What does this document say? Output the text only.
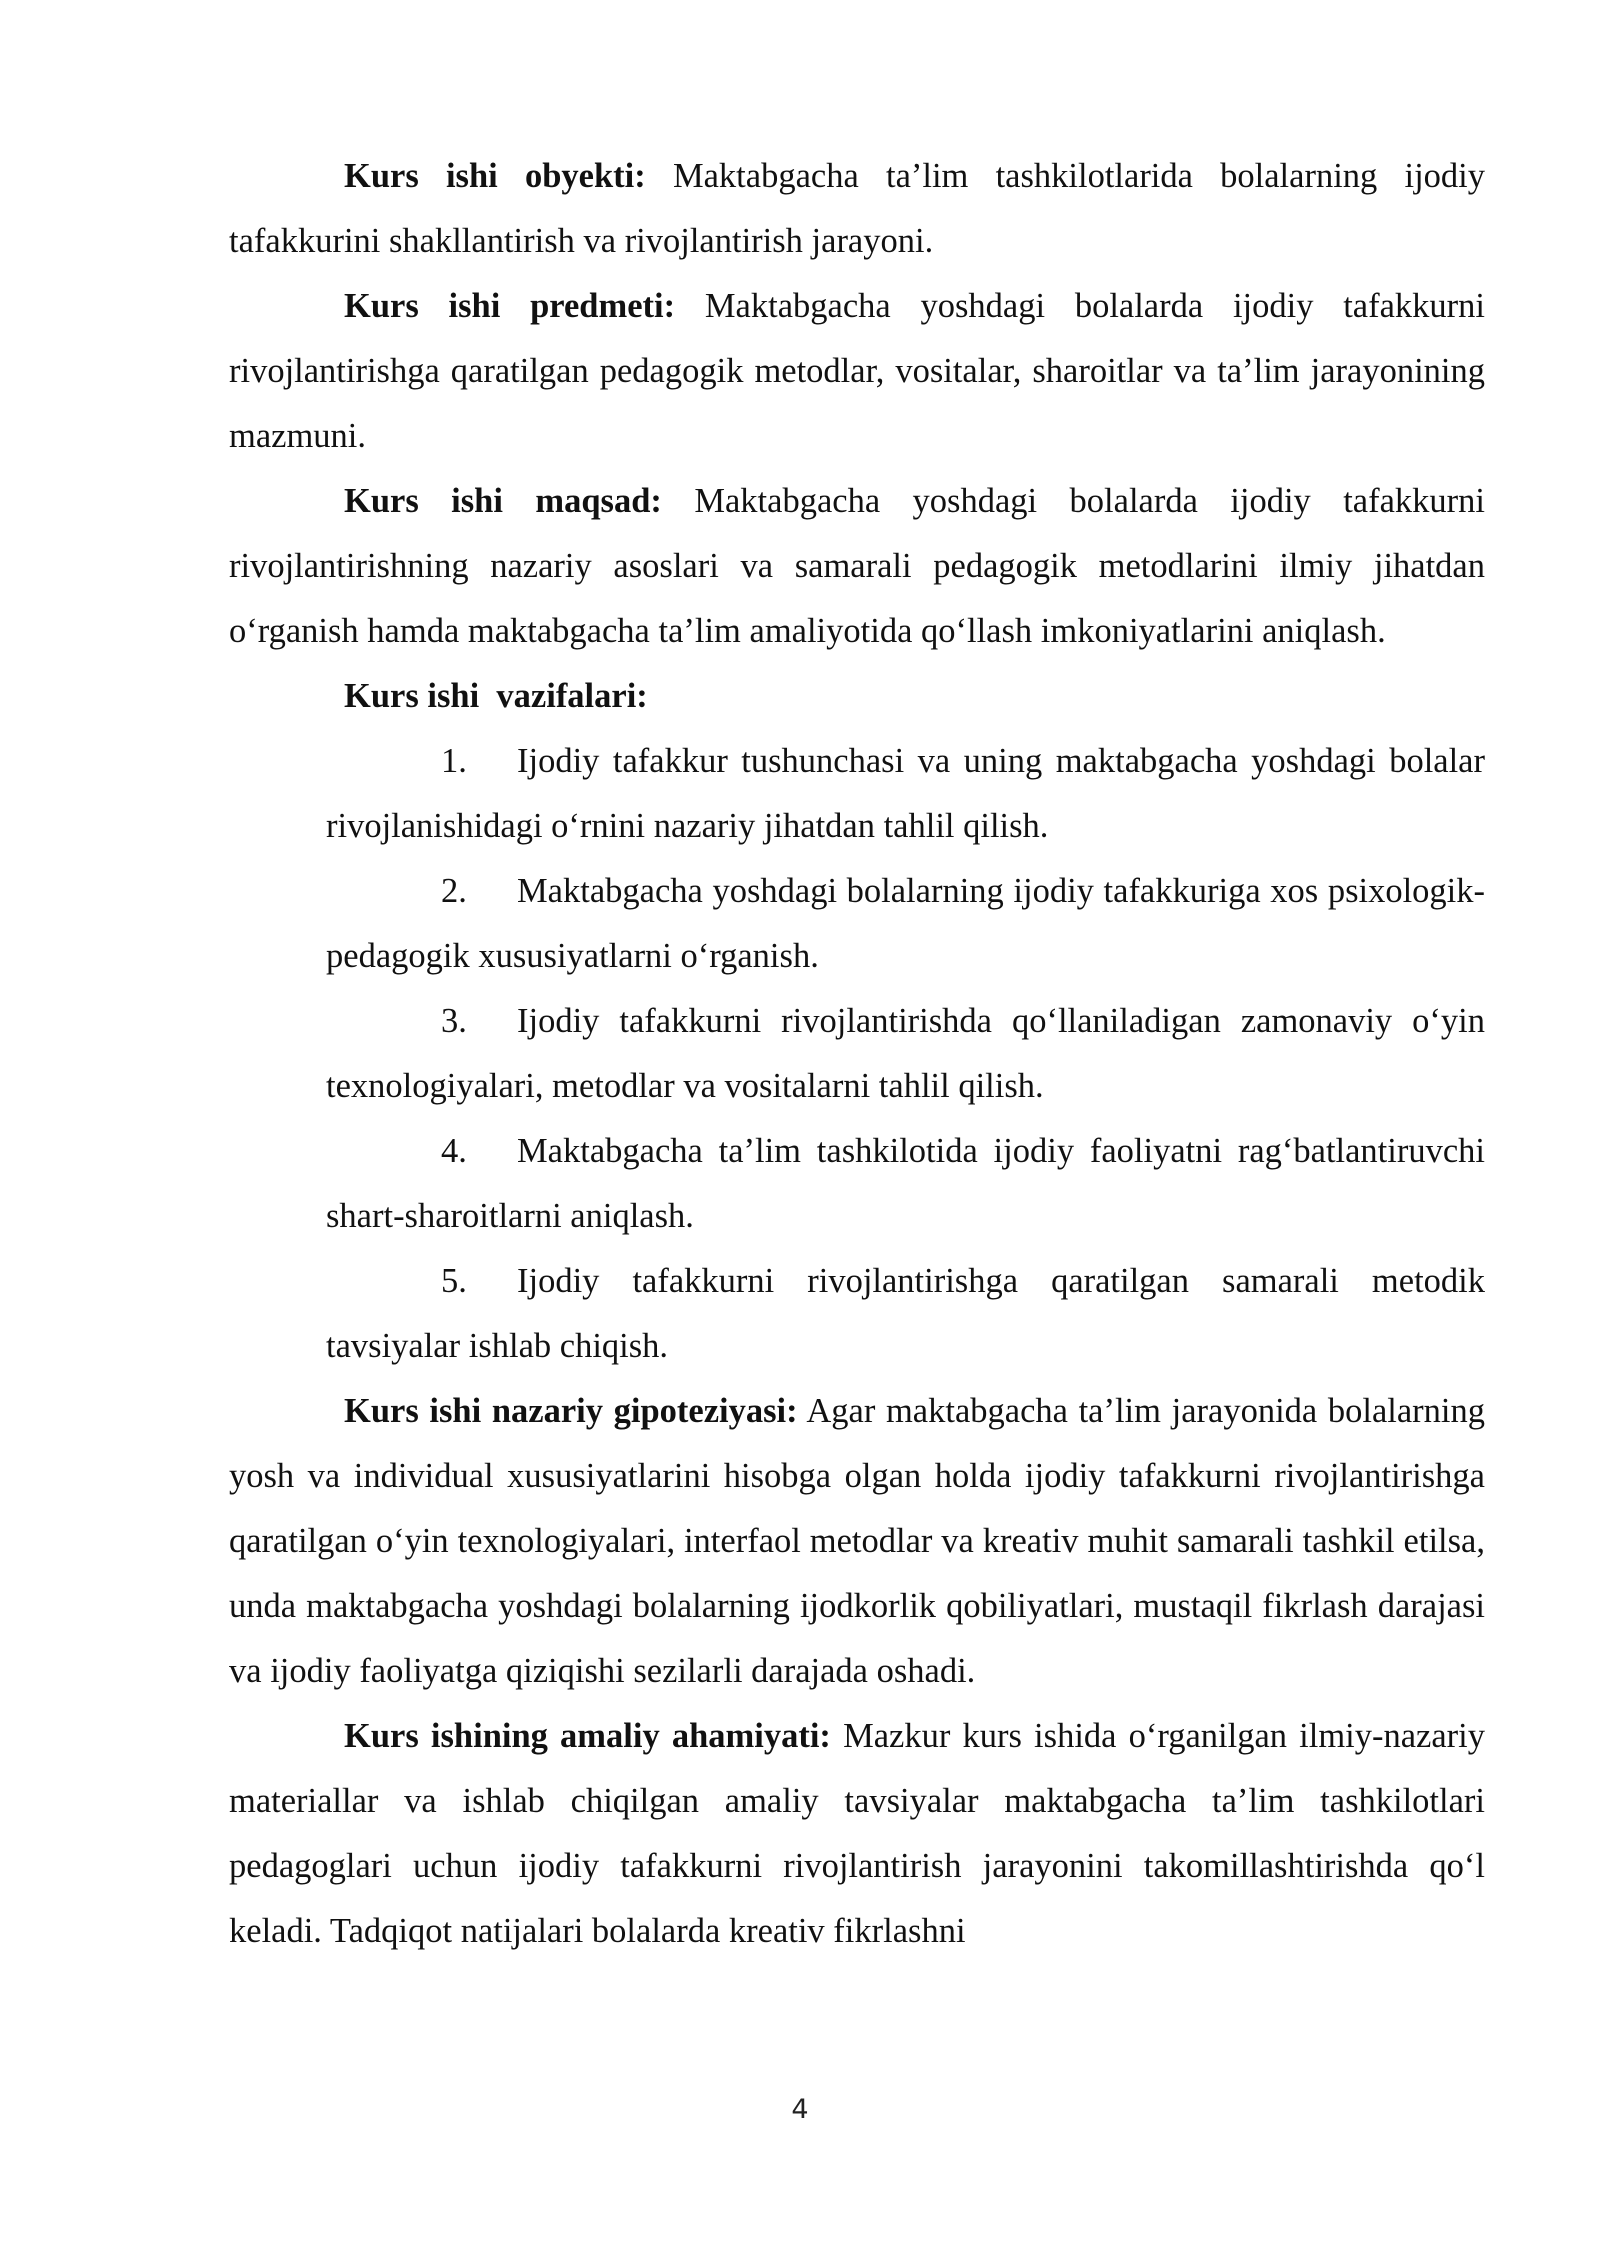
Kurs ishi obyekti: Maktabgacha ta’lim tashkilotlarida bolalarning ijodiy tafakkurini shakllantirish va rivojlantirish jarayoni.

Kurs ishi predmeti: Maktabgacha yoshdagi bolalarda ijodiy tafakkurni rivojlantirishga qaratilgan pedagogik metodlar, vositalar, sharoitlar va ta’lim jarayonining mazmuni.

Kurs ishi maqsad: Maktabgacha yoshdagi bolalarda ijodiy tafakkurni rivojlantirishning nazariy asoslari va samarali pedagogik metodlarini ilmiy jihatdan o‘rganish hamda maktabgacha ta’lim amaliyotida qo‘llash imkoniyatlarini aniqlash.

Kurs ishi  vazifalari:

1. Ijodiy tafakkur tushunchasi va uning maktabgacha yoshdagi bolalar rivojlanishidagi o‘rnini nazariy jihatdan tahlil qilish.
2. Maktabgacha yoshdagi bolalarning ijodiy tafakkuriga xos psixologik-pedagogik xususiyatlarni o‘rganish.
3. Ijodiy tafakkurni rivojlantirishda qo‘llaniladigan zamonaviy o‘yin texnologiyalari, metodlar va vositalarni tahlil qilish.
4. Maktabgacha ta’lim tashkilotida ijodiy faoliyatni rag‘batlantiruvchi shart-sharoitlarni aniqlash.
5. Ijodiy tafakkurni rivojlantirishga qaratilgan samarali metodik tavsiyalar ishlab chiqish.

Kurs ishi nazariy gipoteziyasi: Agar maktabgacha ta’lim jarayonida bolalarning yosh va individual xususiyatlarini hisobga olgan holda ijodiy tafakkurni rivojlantirishga qaratilgan o‘yin texnologiyalari, interfaol metodlar va kreativ muhit samarali tashkil etilsa, unda maktabgacha yoshdagi bolalarning ijodkorlik qobiliyatlari, mustaqil fikrlash darajasi va ijodiy faoliyatga qiziqishi sezilarli darajada oshadi.

Kurs ishining amaliy ahamiyati: Mazkur kurs ishida o‘rganilgan ilmiy-nazariy materiallar va ishlab chiqilgan amaliy tavsiyalar maktabgacha ta’lim tashkilotlari pedagoglari uchun ijodiy tafakkurni rivojlantirish jarayonini takomillashtirishda qo‘l keladi. Tadqiqot natijalari bolalarda kreativ fikrlashni

4
